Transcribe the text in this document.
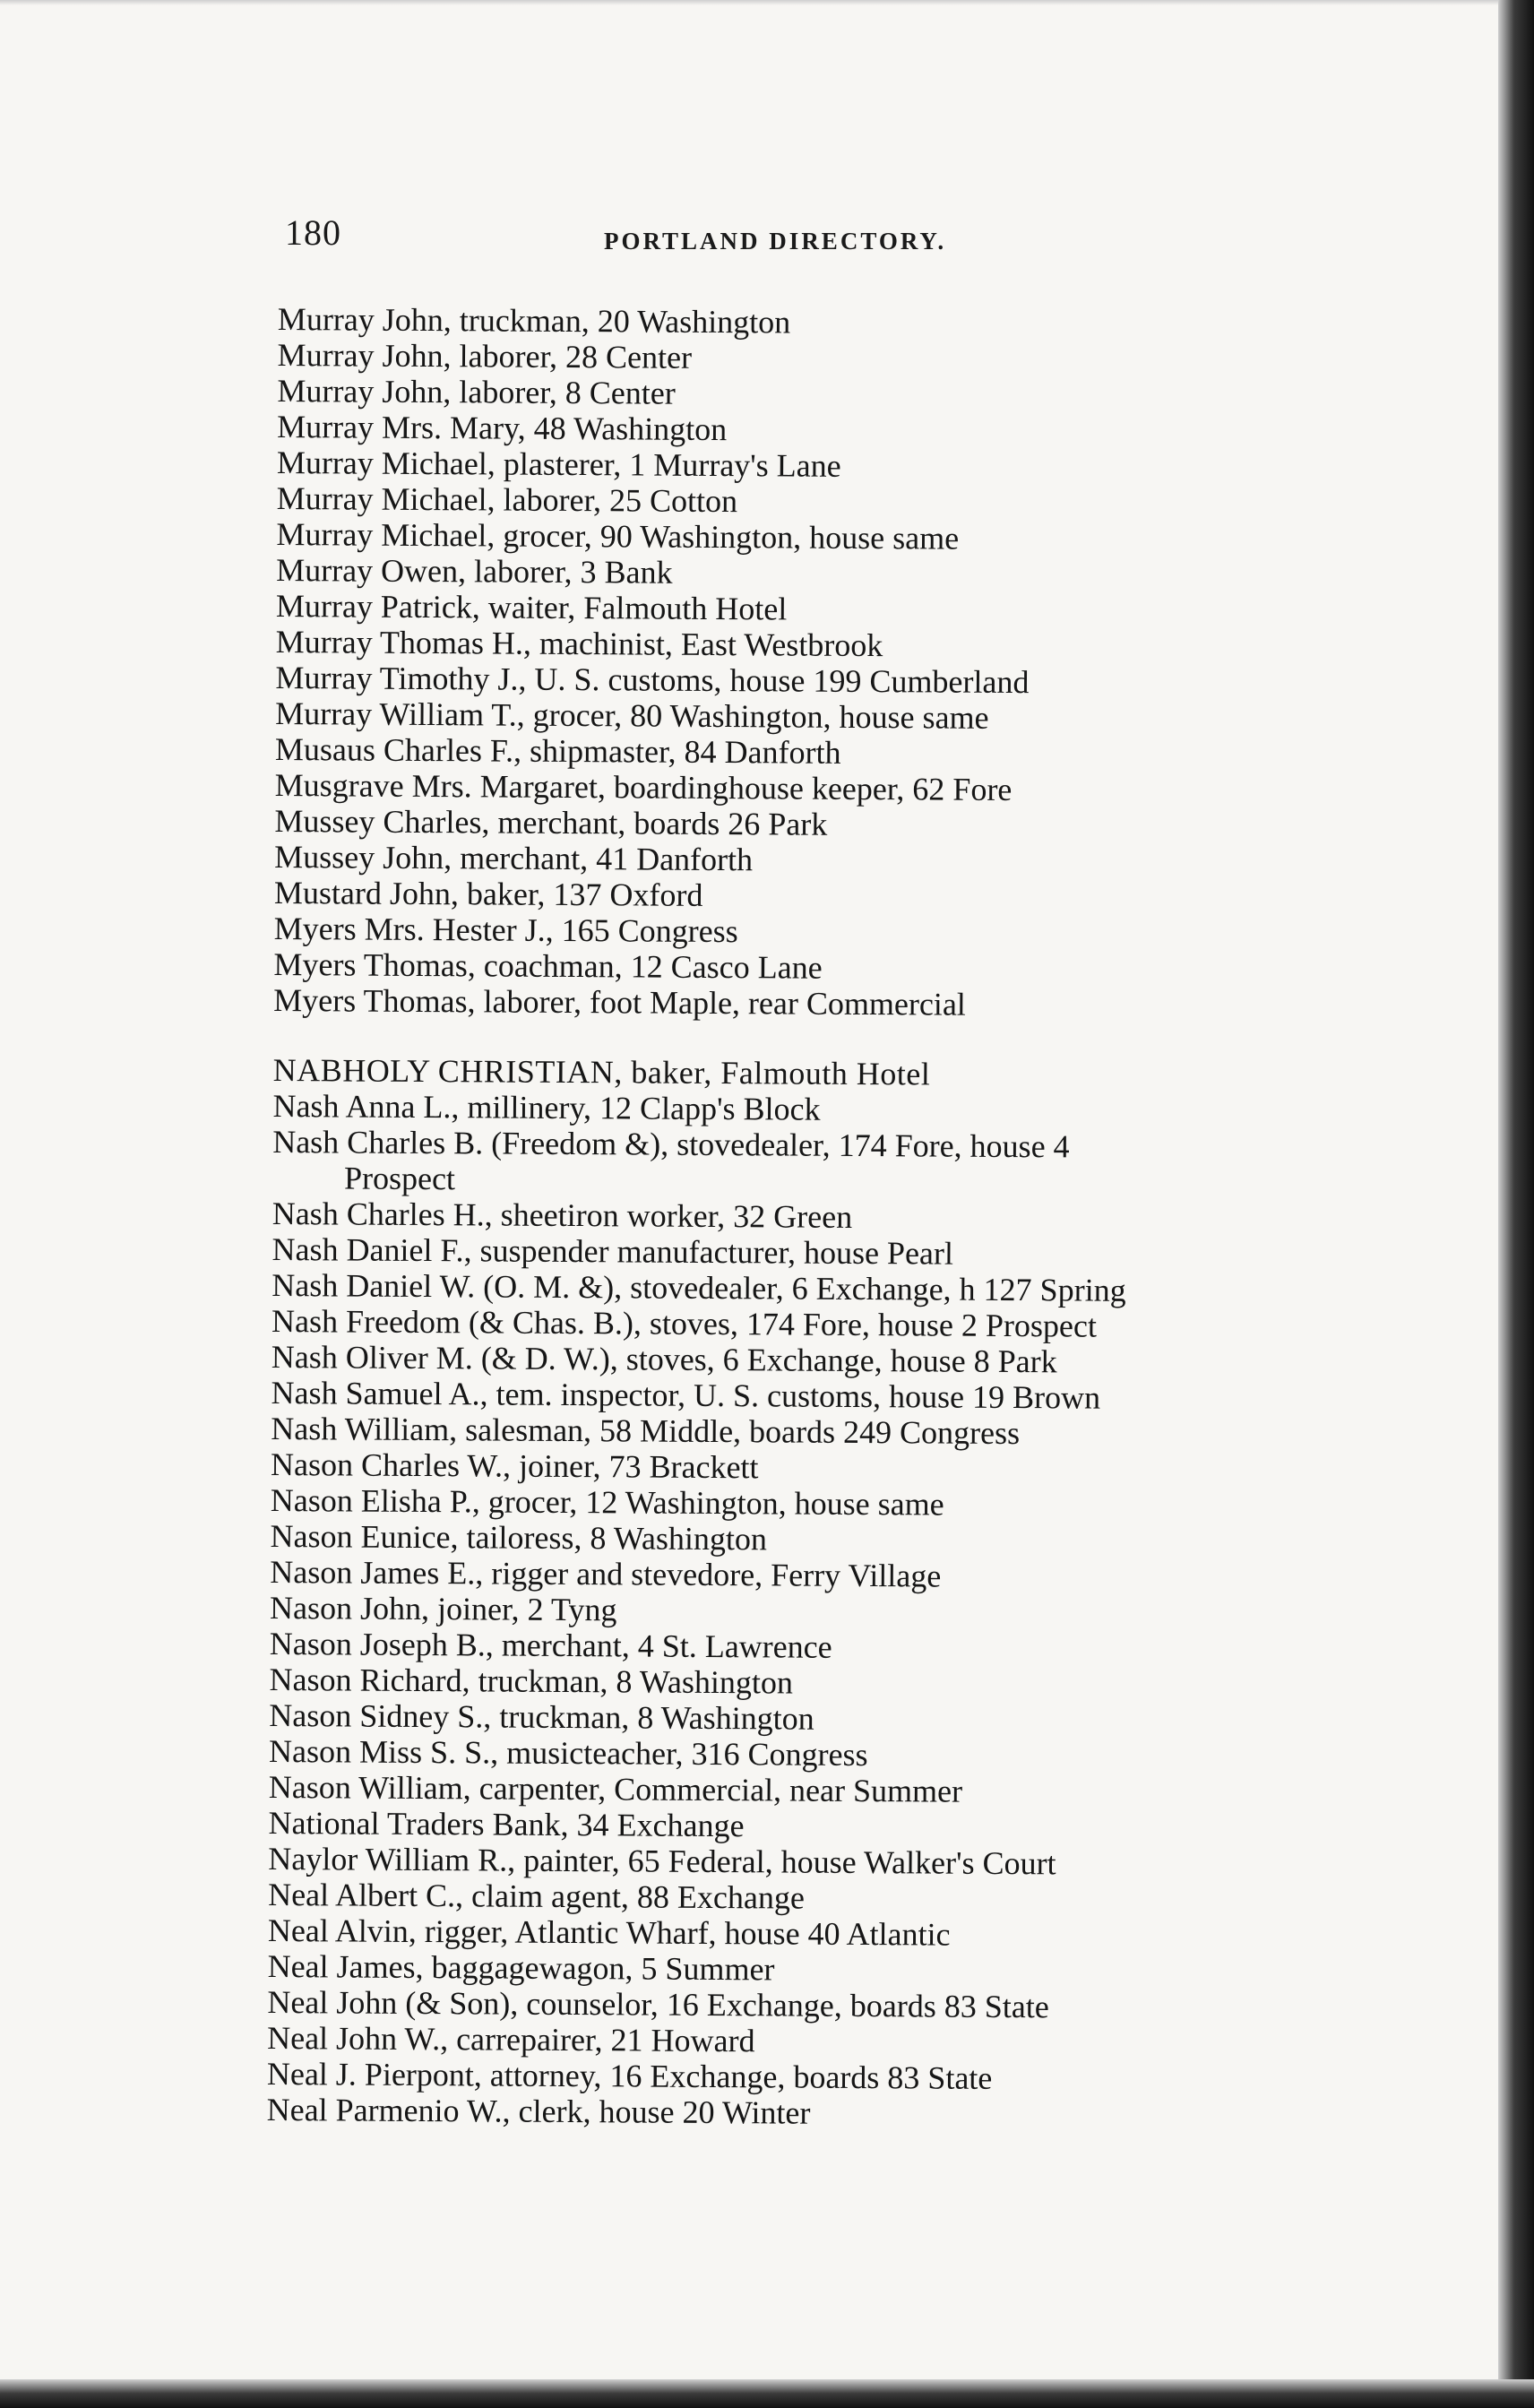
180	PORTLAND DIRECTORY.
Murray John, truckman, 20 Washington
Murray John, laborer, 28 Center
Murray John, laborer, 8 Center
Murray Mrs. Mary, 48 Washington
Murray Michael, plasterer, 1 Murray's Lane
Murray Michael, laborer, 25 Cotton
Murray Michael, grocer, 90 Washington, house same
Murray Owen, laborer, 3 Bank
Murray Patrick, waiter, Falmouth Hotel
Murray Thomas H., machinist, East Westbrook
Murray Timothy J., U. S. customs, house 199 Cumberland
Murray William T., grocer, 80 Washington, house same
Musaus Charles F., shipmaster, 84 Danforth
Musgrave Mrs. Margaret, boardinghouse keeper, 62 Fore
Mussey Charles, merchant, boards 26 Park
Mussey John, merchant, 41 Danforth
Mustard John, baker, 137 Oxford
Myers Mrs. Hester J., 165 Congress
Myers Thomas, coachman, 12 Casco Lane
Myers Thomas, laborer, foot Maple, rear Commercial
NABHOLY CHRISTIAN, baker, Falmouth Hotel
Nash Anna L., millinery, 12 Clapp's Block
Nash Charles B. (Freedom &), stovedealer, 174 Fore, house 4
Prospect
Nash Charles H., sheetiron worker, 32 Green
Nash Daniel F., suspender manufacturer, house Pearl
Nash Daniel W. (O. M. &), stovedealer, 6 Exchange, h 127 Spring
Nash Freedom (& Chas. B.), stoves, 174 Fore, house 2 Prospect
Nash Oliver M. (& D. W.), stoves, 6 Exchange, house 8 Park
Nash Samuel A., tem. inspector, U. S. customs, house 19 Brown
Nash William, salesman, 58 Middle, boards 249 Congress
Nason Charles W., joiner, 73 Brackett
Nason Elisha P., grocer, 12 Washington, house same
Nason Eunice, tailoress, 8 Washington
Nason James E., rigger and stevedore, Ferry Village
Nason John, joiner, 2 Tyng
Nason Joseph B., merchant, 4 St. Lawrence
Nason Richard, truckman, 8 Washington
Nason Sidney S., truckman, 8 Washington
Nason Miss S. S., musicteacher, 316 Congress
Nason William, carpenter, Commercial, near Summer
National Traders Bank, 34 Exchange
Naylor William R., painter, 65 Federal, house Walker's Court
Neal Albert C., claim agent, 88 Exchange
Neal Alvin, rigger, Atlantic Wharf, house 40 Atlantic
Neal James, baggagewagon, 5 Summer
Neal John (& Son), counselor, 16 Exchange, boards 83 State
Neal John W., carrepairer, 21 Howard
Neal J. Pierpont, attorney, 16 Exchange, boards 83 State
Neal Parmenio W., clerk, house 20 Winter
